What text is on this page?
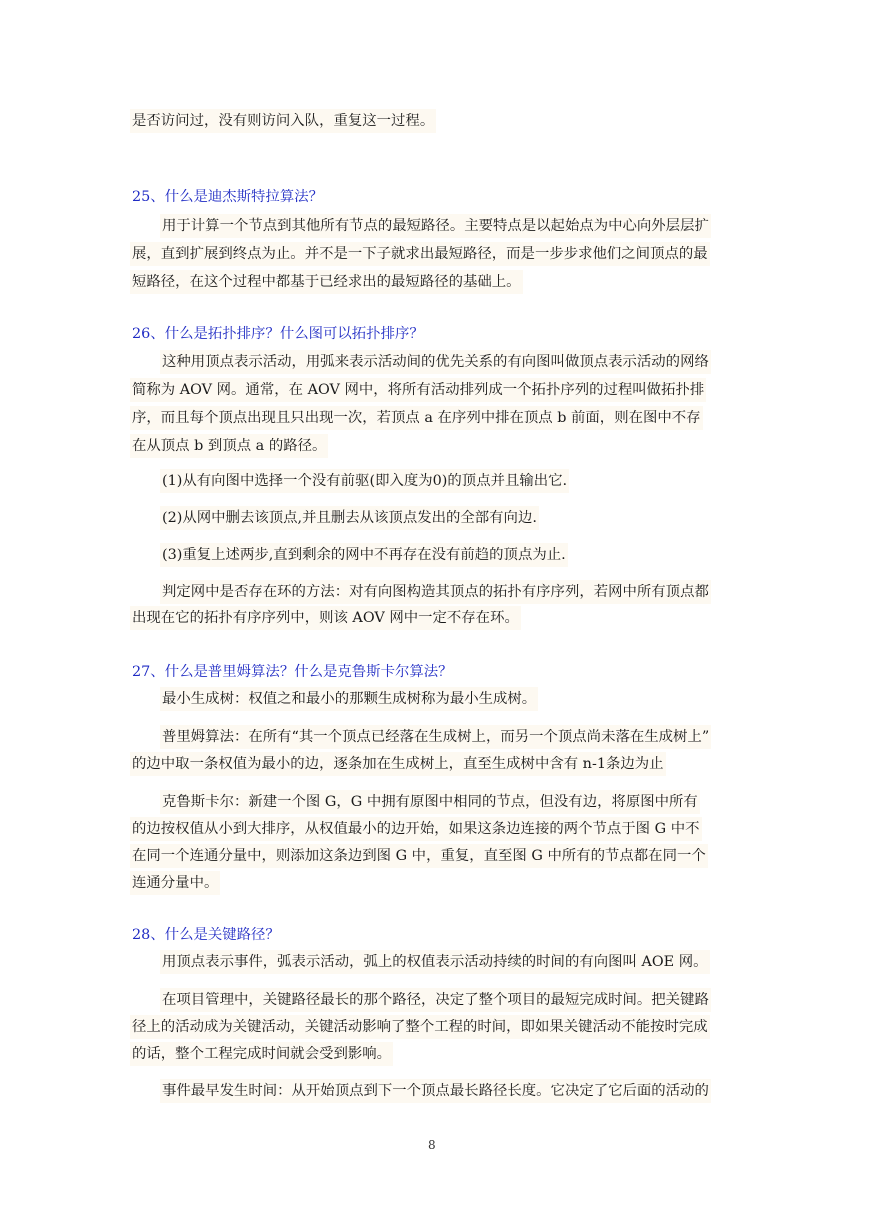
是否访问过，没有则访问入队，重复这一过程。
25、什么是迪杰斯特拉算法？
用于计算一个节点到其他所有节点的最短路径。主要特点是以起始点为中心向外层层扩
展，直到扩展到终点为止。并不是一下子就求出最短路径，而是一步步求他们之间顶点的最
短路径，在这个过程中都基于已经求出的最短路径的基础上。
26、什么是拓扑排序？什么图可以拓扑排序？
这种用顶点表示活动，用弧来表示活动间的优先关系的有向图叫做顶点表示活动的网络
简称为 AOV 网。通常，在 AOV 网中，将所有活动排列成一个拓扑序列的过程叫做拓扑排
序，而且每个顶点出现且只出现一次，若顶点 a 在序列中排在顶点 b 前面，则在图中不存
在从顶点 b 到顶点 a 的路径。
(1)从有向图中选择一个没有前驱(即入度为0)的顶点并且输出它.
(2)从网中删去该顶点,并且删去从该顶点发出的全部有向边.
(3)重复上述两步,直到剩余的网中不再存在没有前趋的顶点为止.
判定网中是否存在环的方法：对有向图构造其顶点的拓扑有序序列，若网中所有顶点都
出现在它的拓扑有序序列中，则该 AOV 网中一定不存在环。
27、什么是普里姆算法？什么是克鲁斯卡尔算法？
最小生成树：权值之和最小的那颗生成树称为最小生成树。
普里姆算法：在所有“其一个顶点已经落在生成树上，而另一个顶点尚未落在生成树上”
的边中取一条权值为最小的边，逐条加在生成树上，直至生成树中含有 n-1条边为止
克鲁斯卡尔：新建一个图 G，G 中拥有原图中相同的节点，但没有边，将原图中所有
的边按权值从小到大排序，从权值最小的边开始，如果这条边连接的两个节点于图 G 中不
在同一个连通分量中，则添加这条边到图 G 中，重复，直至图 G 中所有的节点都在同一个
连通分量中。
28、什么是关键路径？
用顶点表示事件，弧表示活动，弧上的权值表示活动持续的时间的有向图叫 AOE 网。
在项目管理中，关键路径最长的那个路径，决定了整个项目的最短完成时间。把关键路
径上的活动成为关键活动，关键活动影响了整个工程的时间，即如果关键活动不能按时完成
的话，整个工程完成时间就会受到影响。
事件最早发生时间：从开始顶点到下一个顶点最长路径长度。它决定了它后面的活动的
8
